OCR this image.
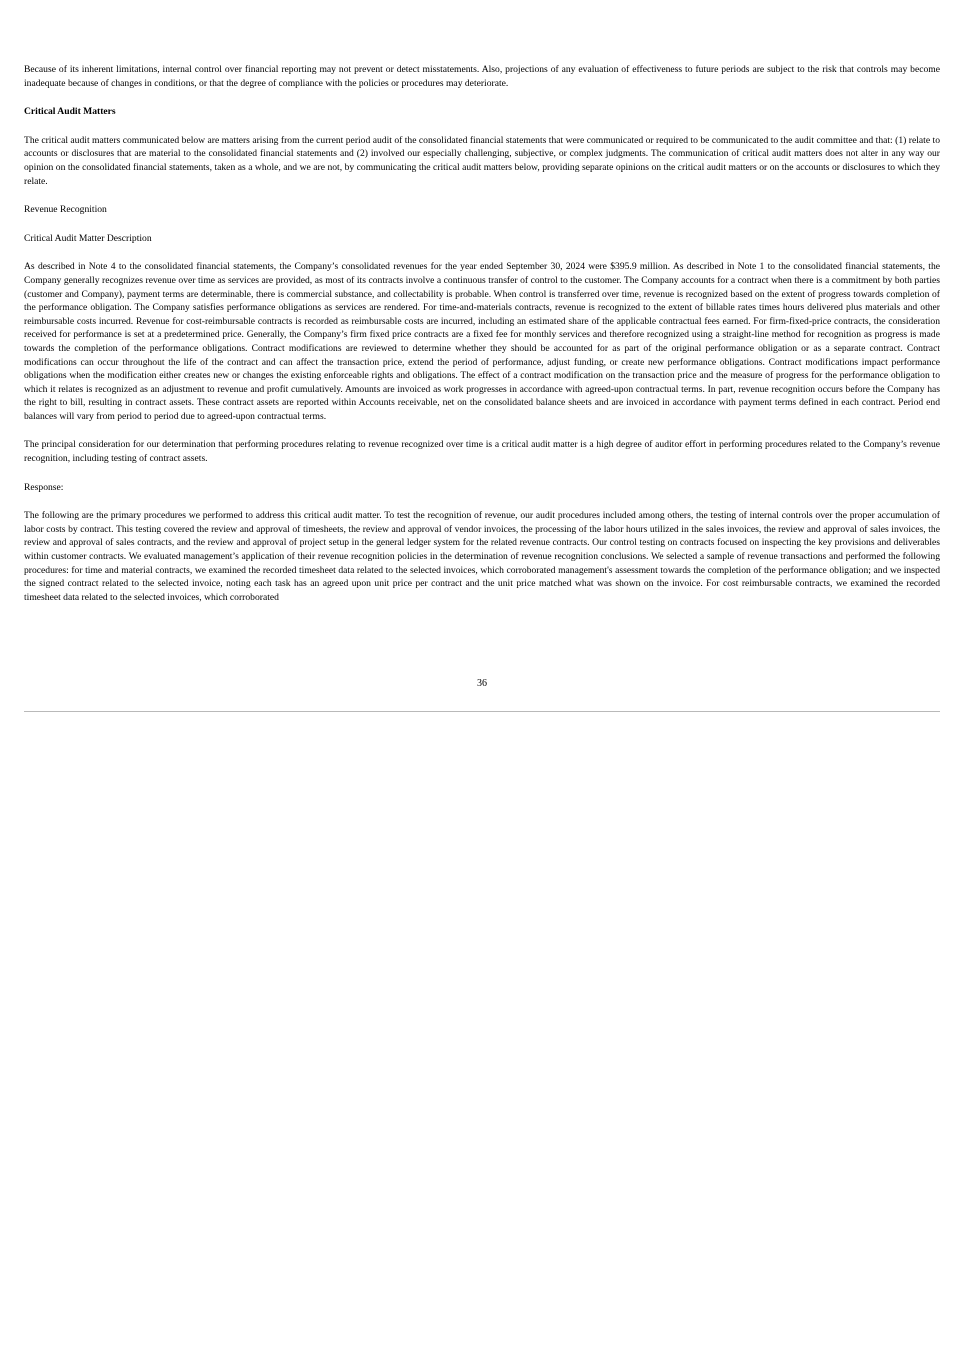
Because of its inherent limitations, internal control over financial reporting may not prevent or detect misstatements. Also, projections of any evaluation of effectiveness to future periods are subject to the risk that controls may become inadequate because of changes in conditions, or that the degree of compliance with the policies or procedures may deteriorate.

Critical Audit Matters

The critical audit matters communicated below are matters arising from the current period audit of the consolidated financial statements that were communicated or required to be communicated to the audit committee and that: (1) relate to accounts or disclosures that are material to the consolidated financial statements and (2) involved our especially challenging, subjective, or complex judgments. The communication of critical audit matters does not alter in any way our opinion on the consolidated financial statements, taken as a whole, and we are not, by communicating the critical audit matters below, providing separate opinions on the critical audit matters or on the accounts or disclosures to which they relate.

Revenue Recognition

Critical Audit Matter Description

As described in Note 4 to the consolidated financial statements, the Company’s consolidated revenues for the year ended September 30, 2024 were $395.9 million. As described in Note 1 to the consolidated financial statements, the Company generally recognizes revenue over time as services are provided, as most of its contracts involve a continuous transfer of control to the customer. The Company accounts for a contract when there is a commitment by both parties (customer and Company), payment terms are determinable, there is commercial substance, and collectability is probable. When control is transferred over time, revenue is recognized based on the extent of progress towards completion of the performance obligation. The Company satisfies performance obligations as services are rendered. For time-and-materials contracts, revenue is recognized to the extent of billable rates times hours delivered plus materials and other reimbursable costs incurred. Revenue for cost-reimbursable contracts is recorded as reimbursable costs are incurred, including an estimated share of the applicable contractual fees earned. For firm-fixed-price contracts, the consideration received for performance is set at a predetermined price. Generally, the Company’s firm fixed price contracts are a fixed fee for monthly services and therefore recognized using a straight-line method for recognition as progress is made towards the completion of the performance obligations. Contract modifications are reviewed to determine whether they should be accounted for as part of the original performance obligation or as a separate contract. Contract modifications can occur throughout the life of the contract and can affect the transaction price, extend the period of performance, adjust funding, or create new performance obligations. Contract modifications impact performance obligations when the modification either creates new or changes the existing enforceable rights and obligations. The effect of a contract modification on the transaction price and the measure of progress for the performance obligation to which it relates is recognized as an adjustment to revenue and profit cumulatively. Amounts are invoiced as work progresses in accordance with agreed-upon contractual terms. In part, revenue recognition occurs before the Company has the right to bill, resulting in contract assets. These contract assets are reported within Accounts receivable, net on the consolidated balance sheets and are invoiced in accordance with payment terms defined in each contract. Period end balances will vary from period to period due to agreed-upon contractual terms.

The principal consideration for our determination that performing procedures relating to revenue recognized over time is a critical audit matter is a high degree of auditor effort in performing procedures related to the Company’s revenue recognition, including testing of contract assets.

Response:

The following are the primary procedures we performed to address this critical audit matter. To test the recognition of revenue, our audit procedures included among others, the testing of internal controls over the proper accumulation of labor costs by contract. This testing covered the review and approval of timesheets, the review and approval of vendor invoices, the processing of the labor hours utilized in the sales invoices, the review and approval of sales invoices, the review and approval of sales contracts, and the review and approval of project setup in the general ledger system for the related revenue contracts. Our control testing on contracts focused on inspecting the key provisions and deliverables within customer contracts. We evaluated management’s application of their revenue recognition policies in the determination of revenue recognition conclusions. We selected a sample of revenue transactions and performed the following procedures: for time and material contracts, we examined the recorded timesheet data related to the selected invoices, which corroborated management's assessment towards the completion of the performance obligation; and we inspected the signed contract related to the selected invoice, noting each task has an agreed upon unit price per contract and the unit price matched what was shown on the invoice. For cost reimbursable contracts, we examined the recorded timesheet data related to the selected invoices, which corroborated

36
